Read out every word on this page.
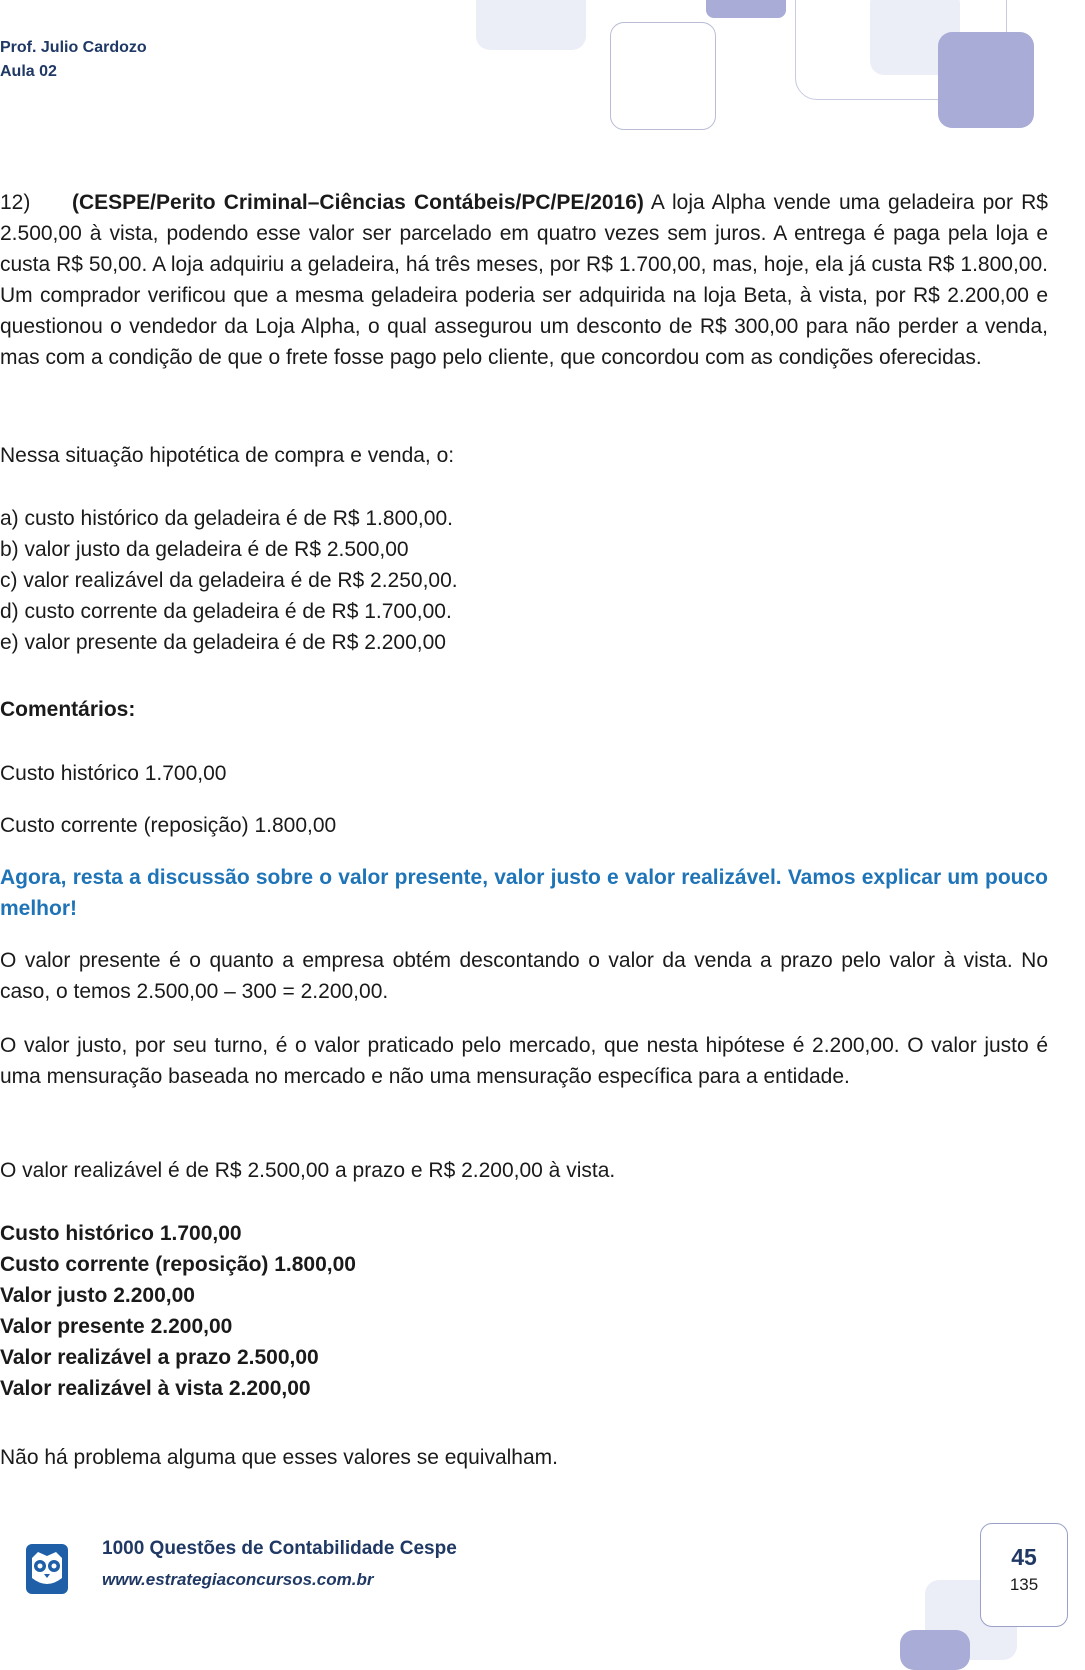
Prof. Julio Cardozo
Aula 02
12) (CESPE/Perito Criminal–Ciências Contábeis/PC/PE/2016) A loja Alpha vende uma geladeira por R$ 2.500,00 à vista, podendo esse valor ser parcelado em quatro vezes sem juros. A entrega é paga pela loja e custa R$ 50,00. A loja adquiriu a geladeira, há três meses, por R$ 1.700,00, mas, hoje, ela já custa R$ 1.800,00. Um comprador verificou que a mesma geladeira poderia ser adquirida na loja Beta, à vista, por R$ 2.200,00 e questionou o vendedor da Loja Alpha, o qual assegurou um desconto de R$ 300,00 para não perder a venda, mas com a condição de que o frete fosse pago pelo cliente, que concordou com as condições oferecidas.
Nessa situação hipotética de compra e venda, o:
a) custo histórico da geladeira é de R$ 1.800,00.
b) valor justo da geladeira é de R$ 2.500,00
c) valor realizável da geladeira é de R$ 2.250,00.
d) custo corrente da geladeira é de R$ 1.700,00.
e) valor presente da geladeira é de R$ 2.200,00
Comentários:
Custo histórico 1.700,00
Custo corrente (reposição) 1.800,00
Agora, resta a discussão sobre o valor presente, valor justo e valor realizável. Vamos explicar um pouco melhor!
O valor presente é o quanto a empresa obtém descontando o valor da venda a prazo pelo valor à vista. No caso, o temos 2.500,00 – 300 = 2.200,00.
O valor justo, por seu turno, é o valor praticado pelo mercado, que nesta hipótese é 2.200,00. O valor justo é uma mensuração baseada no mercado e não uma mensuração específica para a entidade.
O valor realizável é de R$ 2.500,00 a prazo e R$ 2.200,00 à vista.
Custo histórico 1.700,00
Custo corrente (reposição) 1.800,00
Valor justo 2.200,00
Valor presente 2.200,00
Valor realizável a prazo 2.500,00
Valor realizável à vista 2.200,00
Não há problema alguma que esses valores se equivalham.
1000 Questões de Contabilidade Cespe
www.estrategiaconcursos.com.br
45
135
